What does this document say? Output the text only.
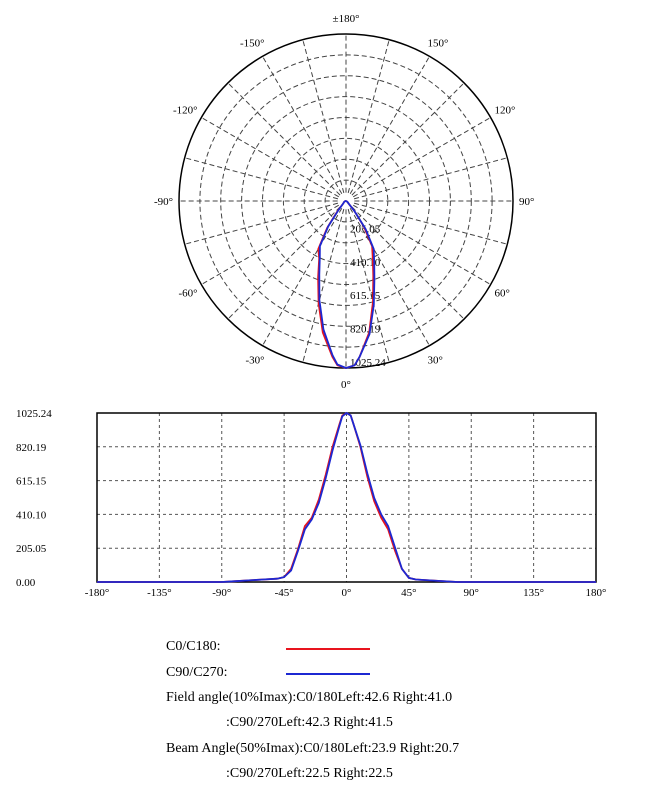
±180°
150°
-150°
120°
-120°
90°
-90°
60°
-60°
30°
-30°
0°
205.05
410.10
615.15
820.19
1025.24
1025.24
820.19
615.15
410.10
205.05
0.00
-180°	-135°	-90°	-45°	0°	45°	90°	135°	180°
C0/C180:
C90/C270:
Field angle(10%Imax):C0/180Left:42.6 Right:41.0
:C90/270Left:42.3 Right:41.5
Beam Angle(50%Imax):C0/180Left:23.9 Right:20.7
:C90/270Left:22.5 Right:22.5
